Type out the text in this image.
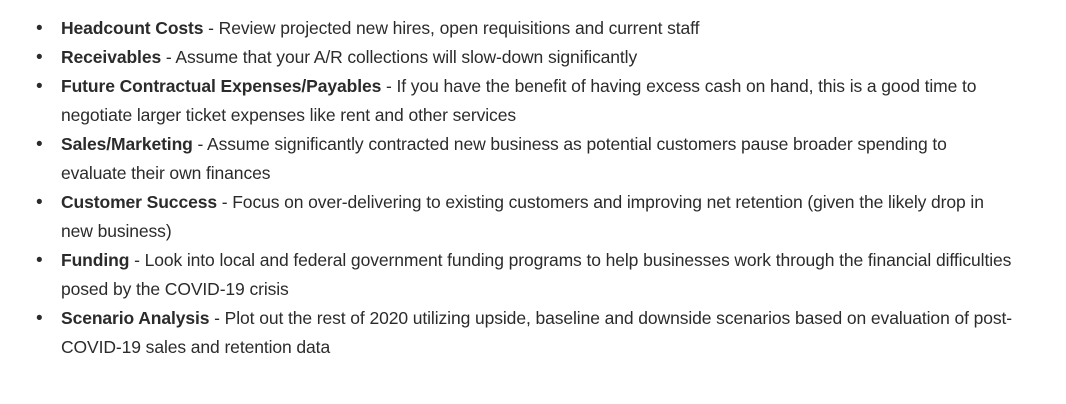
•
Headcount Costs - Review projected new hires, open requisitions and current staff
•
Receivables - Assume that your A/R collections will slow-down significantly
•
Future Contractual Expenses/Payables - If you have the benefit of having excess cash on hand, this is a good time to negotiate larger ticket expenses like rent and other services
•
Sales/Marketing - Assume significantly contracted new business as potential customers pause broader spending to evaluate their own finances
•
Customer Success - Focus on over-delivering to existing customers and improving net retention (given the likely drop in new business)
•
Funding - Look into local and federal government funding programs to help businesses work through the financial difficulties posed by the COVID-19 crisis
•
Scenario Analysis - Plot out the rest of 2020 utilizing upside, baseline and downside scenarios based on evaluation of post-COVID-19 sales and retention data
